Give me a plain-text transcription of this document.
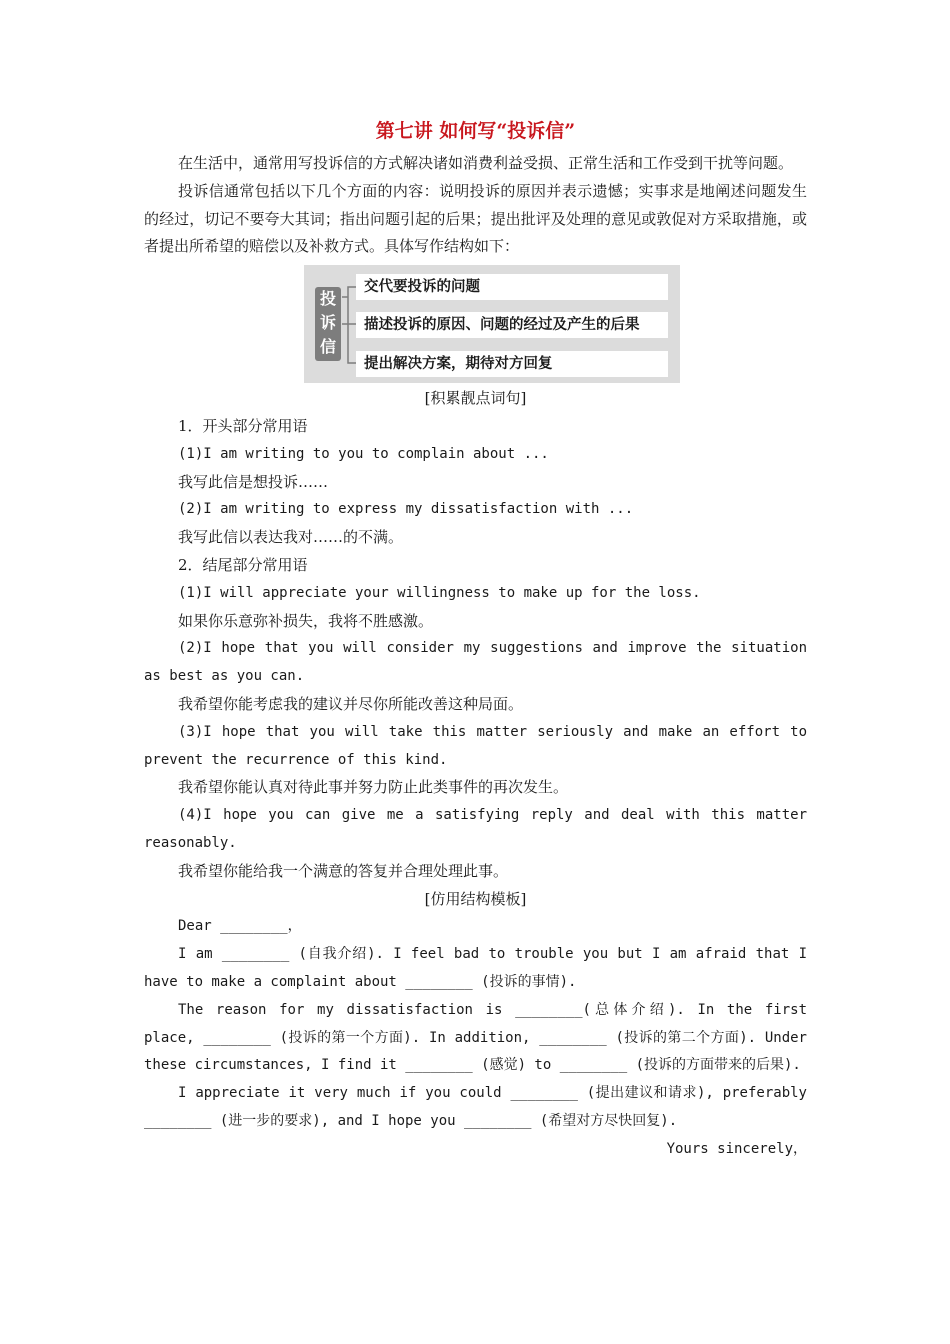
第七讲 如何写“投诉信”

在生活中，通常用写投诉信的方式解决诸如消费利益受损、正常生活和工作受到干扰等问题。

投诉信通常包括以下几个方面的内容：说明投诉的原因并表示遗憾；实事求是地阐述问题发生的经过，切记不要夸大其词；指出问题引起的后果；提出批评及处理的意见或敦促对方采取措施，或者提出所希望的赔偿以及补救方式。具体写作结构如下：

投
诉
信
交代要投诉的问题
描述投诉的原因、问题的经过及产生的后果
提出解决方案，期待对方回复

[积累靓点词句]

1．开头部分常用语

(1)I am writing to you to complain about ...

我写此信是想投诉……

(2)I am writing to express my dissatisfaction with ...

我写此信以表达我对……的不满。

2．结尾部分常用语

(1)I will appreciate your willingness to make up for the loss.

如果你乐意弥补损失，我将不胜感激。

(2)I hope that you will consider my suggestions and improve the situation as best as you can.

我希望你能考虑我的建议并尽你所能改善这种局面。

(3)I hope that you will take this matter seriously and make an effort to prevent the recurrence of this kind.

我希望你能认真对待此事并努力防止此类事件的再次发生。

(4)I hope you can give me a satisfying reply and deal with this matter reasonably.

我希望你能给我一个满意的答复并合理处理此事。

[仿用结构模板]

Dear ________，

I am ________ (自我介绍). I feel bad to trouble you but I am afraid that I have to make a complaint about ________ (投诉的事情).

The reason for my dissatisfaction is ________(总体介绍). In the first place, ________ (投诉的第一个方面). In addition, ________ (投诉的第二个方面). Under these circumstances, I find it ________ (感觉) to ________ (投诉的方面带来的后果).

I appreciate it very much if you could ________ (提出建议和请求), preferably ________ (进一步的要求), and I hope you ________ (希望对方尽快回复).

Yours sincerely，
